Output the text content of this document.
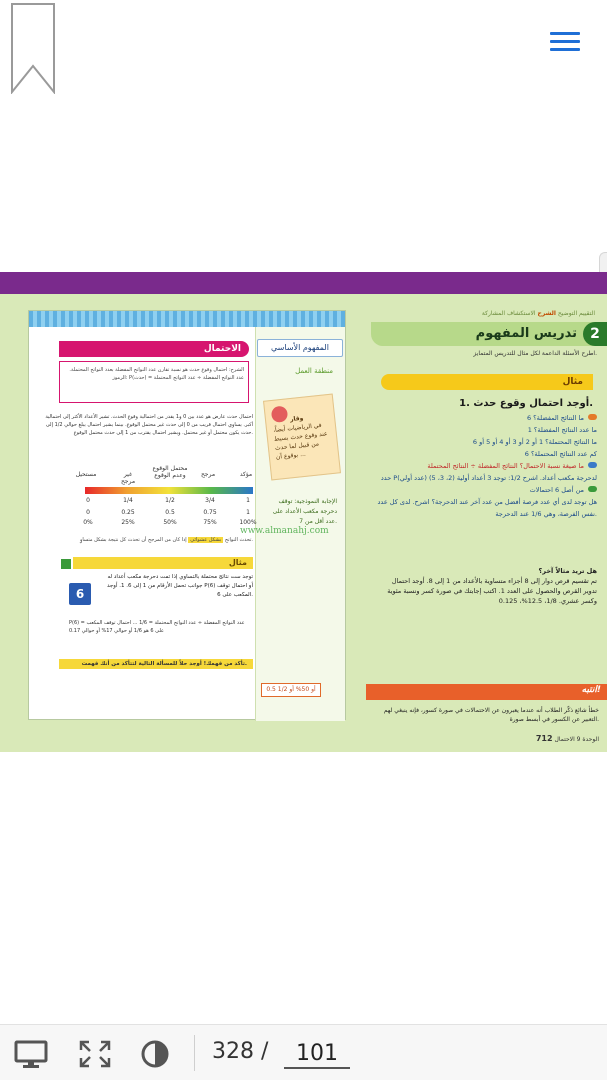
المفهوم الأساسي
منطقة العمل
وقار
في الرياضيات أيضاً، عند وقوع حدث بسيط من قبيل لما حدث بوقوع آن ...
الإجابة النموذجية: توقف دحرجة مكعب الأعداد على عدد أقل من 7.
الاحتمال
الشرح: احتمال وقوع حدث هو نسبة تقارن عدد النواتج المفضلة بعدد النواتج المحتملة. الرموز: P(حدث) = عدد النواتج المفضلة ÷ عدد النواتج المحتملة
احتمال حدث عارض هو عدد بين 0 و1 يقدر من احتمالية وقوع الحدث. تشير الأعداد الأكثر إلى احتمالية أكبر. يساوي احتمال قريب من 0 إلى حدث غير محتمل الوقوع. بينما يشير احتمال يبلغ حوالي 1/2 إلى حدث يكون محتمل أو غير محتمل. ويشير احتمال يقترب من 1 إلى حدث محتمل الوقوع.
مؤكد
مرجح
محتمل الوقوع وعدم الوقوع
غير مرجح
مستحيل
0	1/4	1/2	3/4	1
0	0.25	0.5	0.75	1
0%	25%	50%	75%	100%
تحدث النواتج بشكل عشوائي إذا كان من المرجح أن تحدث كل نتيجة بشكل متساوٍ.
مثال
6
توجد ست نتائج محتملة بالتساوي إذا تمت دحرجة مكعب أعداد له جوانب تحمل الأرقام من 1 إلى 6. 1. أوجد P(6) أو احتمال توقف المكعب على 6.
P(6) = عدد النواتج المفضلة ÷ عدد النواتج المحتملة = 1/6 ... احتمال توقف المكعب على 6 هو 1/6 أو حوالي 17% أو حوالي 0.17
تأكد من فهمك! أوجد حلاً للمسألة التالية لتتأكد من أنك فهمت.
0.5 أو 50% أو 1/2
www.almanahj.com
التقييم التوضيح الشرح الاستكشاف المشاركة
2
تدريس المفهوم
اطرح الأسئلة الداعمة لكل مثال للتدريس المتمايز.
مثال
1. أوجد احتمال وقوع حدث.
ما النتائج المفضلة؟ 6
ما عدد النتائج المفضلة؟ 1
ما النتائج المحتملة؟ 1 أو 2 أو 3 أو 4 أو 5 أو 6
كم عدد النتائج المحتملة؟ 6
ما صيغة نسبة الاحتمال؟ النتائج المفضلة ÷ النتائج المحتملة
حدد P(عدد أولي) لدحرجة مكعب أعداد. اشرح 1/2: توجد 3 أعداد أولية (2، 3، 5) من أصل 6 احتمالات
هل توجد لدى أي عدد فرصة أفضل من عدد آخر عند الدحرجة؟ اشرح. لدى كل عدد نفس الفرصة، وهي 1/6 عند الدحرجة.
هل تريد مثالاً آخر؟
تم تقسيم قرص دوار إلى 8 أجزاء متساوية بالأعداد من 1 إلى 8. أوجد احتمال تدوير القرص والحصول على العدد 1. اكتب إجابتك في صورة كسر ونسبة مئوية وكسر عشري. 1/8، 12.5%، 0.125
انتبه!
خطأ شائع ذكّر الطلاب أنه عندما يعبرون عن الاحتمالات في صورة كسور، فإنه ينبغي لهم التعبير عن الكسور في أبسط صورة.
الوحدة 9 الاحتمال 712
328 /
101
